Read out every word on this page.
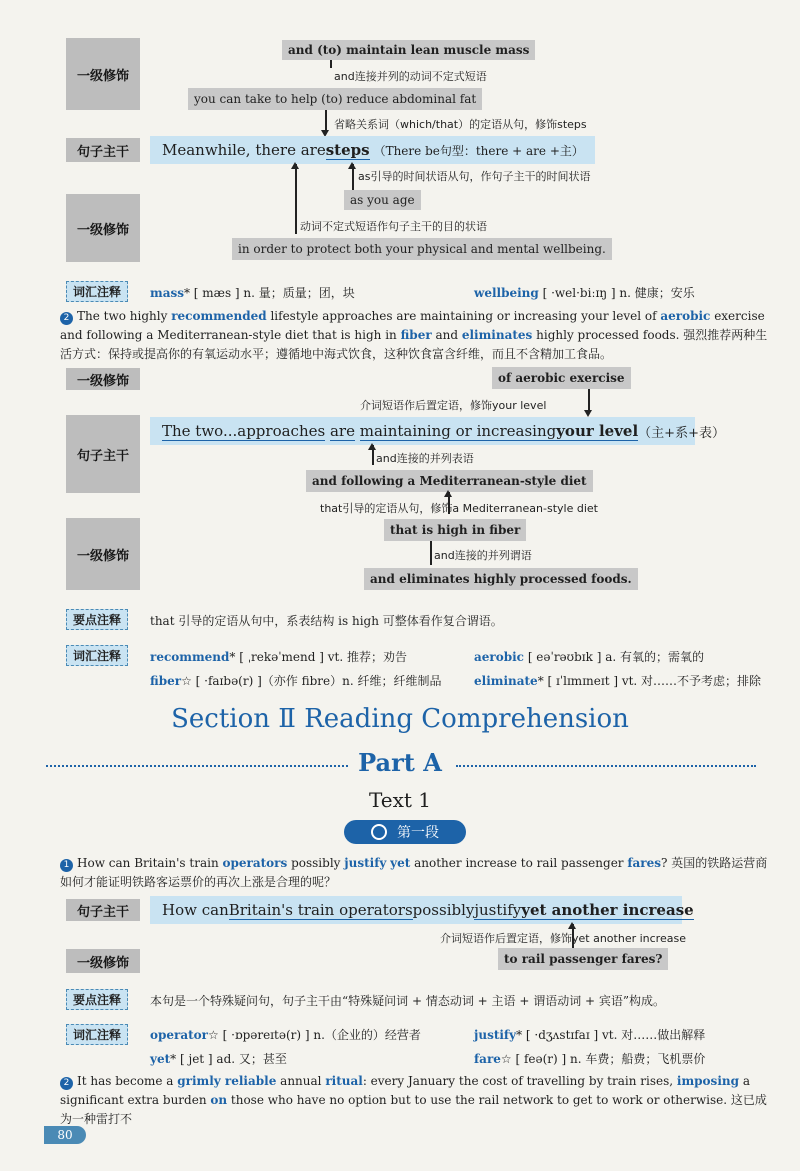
一级修饰
and (to) maintain lean muscle mass
and连接并列的动词不定式短语
you can take to help (to) reduce abdominal fat
省略关系词（which/that）的定语从句，修饰steps
句子主干	Meanwhile, there are steps （There be句型：there + are +主）
as引导的时间状语从句，作句子主干的时间状语
一级修饰
as you age
动词不定式短语作句子主干的目的状语
in order to protect both your physical and mental wellbeing.
词汇注释	mass* [ mæs ] n. 量；质量；团，块	wellbeing [ ·wel·biːɪŋ ] n. 健康；安乐
2 The two highly recommended lifestyle approaches are maintaining or increasing your level of aerobic exercise and following a Mediterranean-style diet that is high in fiber and eliminates highly processed foods. 强烈推荐两种生活方式：保持或提高你的有氧运动水平；遵循地中海式饮食，这种饮食富含纤维，而且不含精加工食品。
一级修饰	of aerobic exercise
介词短语作后置定语，修饰your level
句子主干
The two...approaches
are
maintaining or increasing your level （主+系+表）
and连接的并列表语
and following a Mediterranean-style diet
that引导的定语从句，修饰a Mediterranean-style diet
一级修饰
that is high in fiber
and连接的并列谓语
and eliminates highly processed foods.
要点注释	that 引导的定语从句中，系表结构 is high 可整体看作复合谓语。
词汇注释	recommend* [ ˌrekəˈmend ] vt. 推荐；劝告	aerobic [ eəˈrəʊbɪk ] a. 有氧的；需氧的
fiber☆ [ ·faɪbə(r) ]（亦作 fibre）n. 纤维；纤维制品	eliminate* [ ɪˈlɪmɪneɪt ] vt. 对……不予考虑；排除
Section Ⅱ Reading Comprehension
Part A
Text 1
第一段
1 How can Britain's train operators possibly justify yet another increase to rail passenger fares? 英国的铁路运营商如何才能证明铁路客运票价的再次上涨是合理的呢？
句子主干	How can Britain's train operators possibly justify yet another increase
介词短语作后置定语，修饰yet another increase
一级修饰	to rail passenger fares?
要点注释	本句是一个特殊疑问句，句子主干由“特殊疑问词 + 情态动词 + 主语 + 谓语动词 + 宾语”构成。
词汇注释	operator☆ [ ·ɒpəreɪtə(r) ] n.（企业的）经营者	justify* [ ·dʒʌstɪfaɪ ] vt. 对……做出解释
yet* [ jet ] ad. 又；甚至	fare☆ [ feə(r) ] n. 车费；船费；飞机票价
2 It has become a grimly reliable annual ritual: every January the cost of travelling by train rises, imposing a significant extra burden on those who have no option but to use the rail network to get to work or otherwise. 这已成为一种雷打不
80
